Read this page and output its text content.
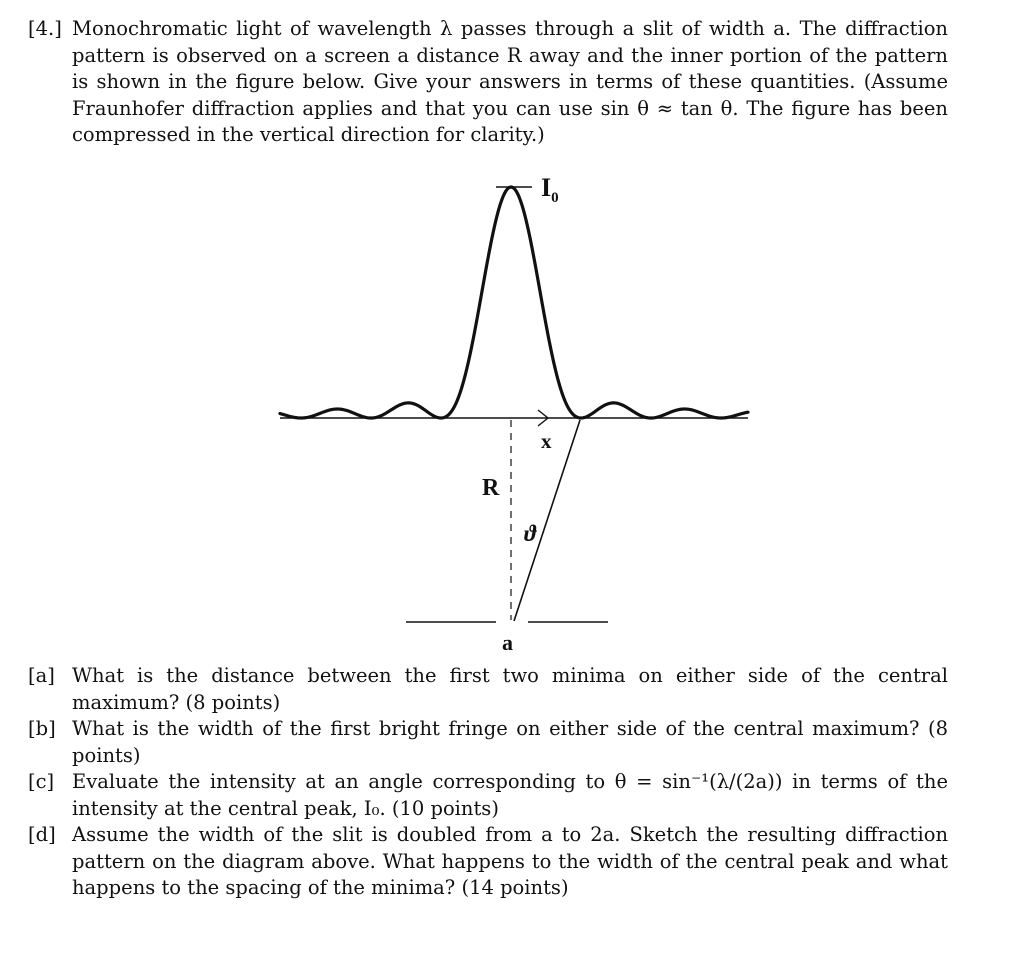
[4.] Monochromatic light of wavelength λ passes through a slit of width a. The diffraction pattern is observed on a screen a distance R away and the inner portion of the pattern is shown in the figure below. Give your answers in terms of these quantities. (Assume Fraunhofer diffraction applies and that you can use sin θ ≈ tan θ. The figure has been compressed in the vertical direction for clarity.)
$I_0$
x
R
ϑ
a
[a] What is the distance between the first two minima on either side of the central maximum? (8 points)
[b] What is the width of the first bright fringe on either side of the central maximum? (8 points)
[c] Evaluate the intensity at an angle corresponding to θ = sin⁻¹(λ/(2a)) in terms of the intensity at the central peak, I₀. (10 points)
[d] Assume the width of the slit is doubled from a to 2a. Sketch the resulting diffraction pattern on the diagram above. What happens to the width of the central peak and what happens to the spacing of the minima? (14 points)
